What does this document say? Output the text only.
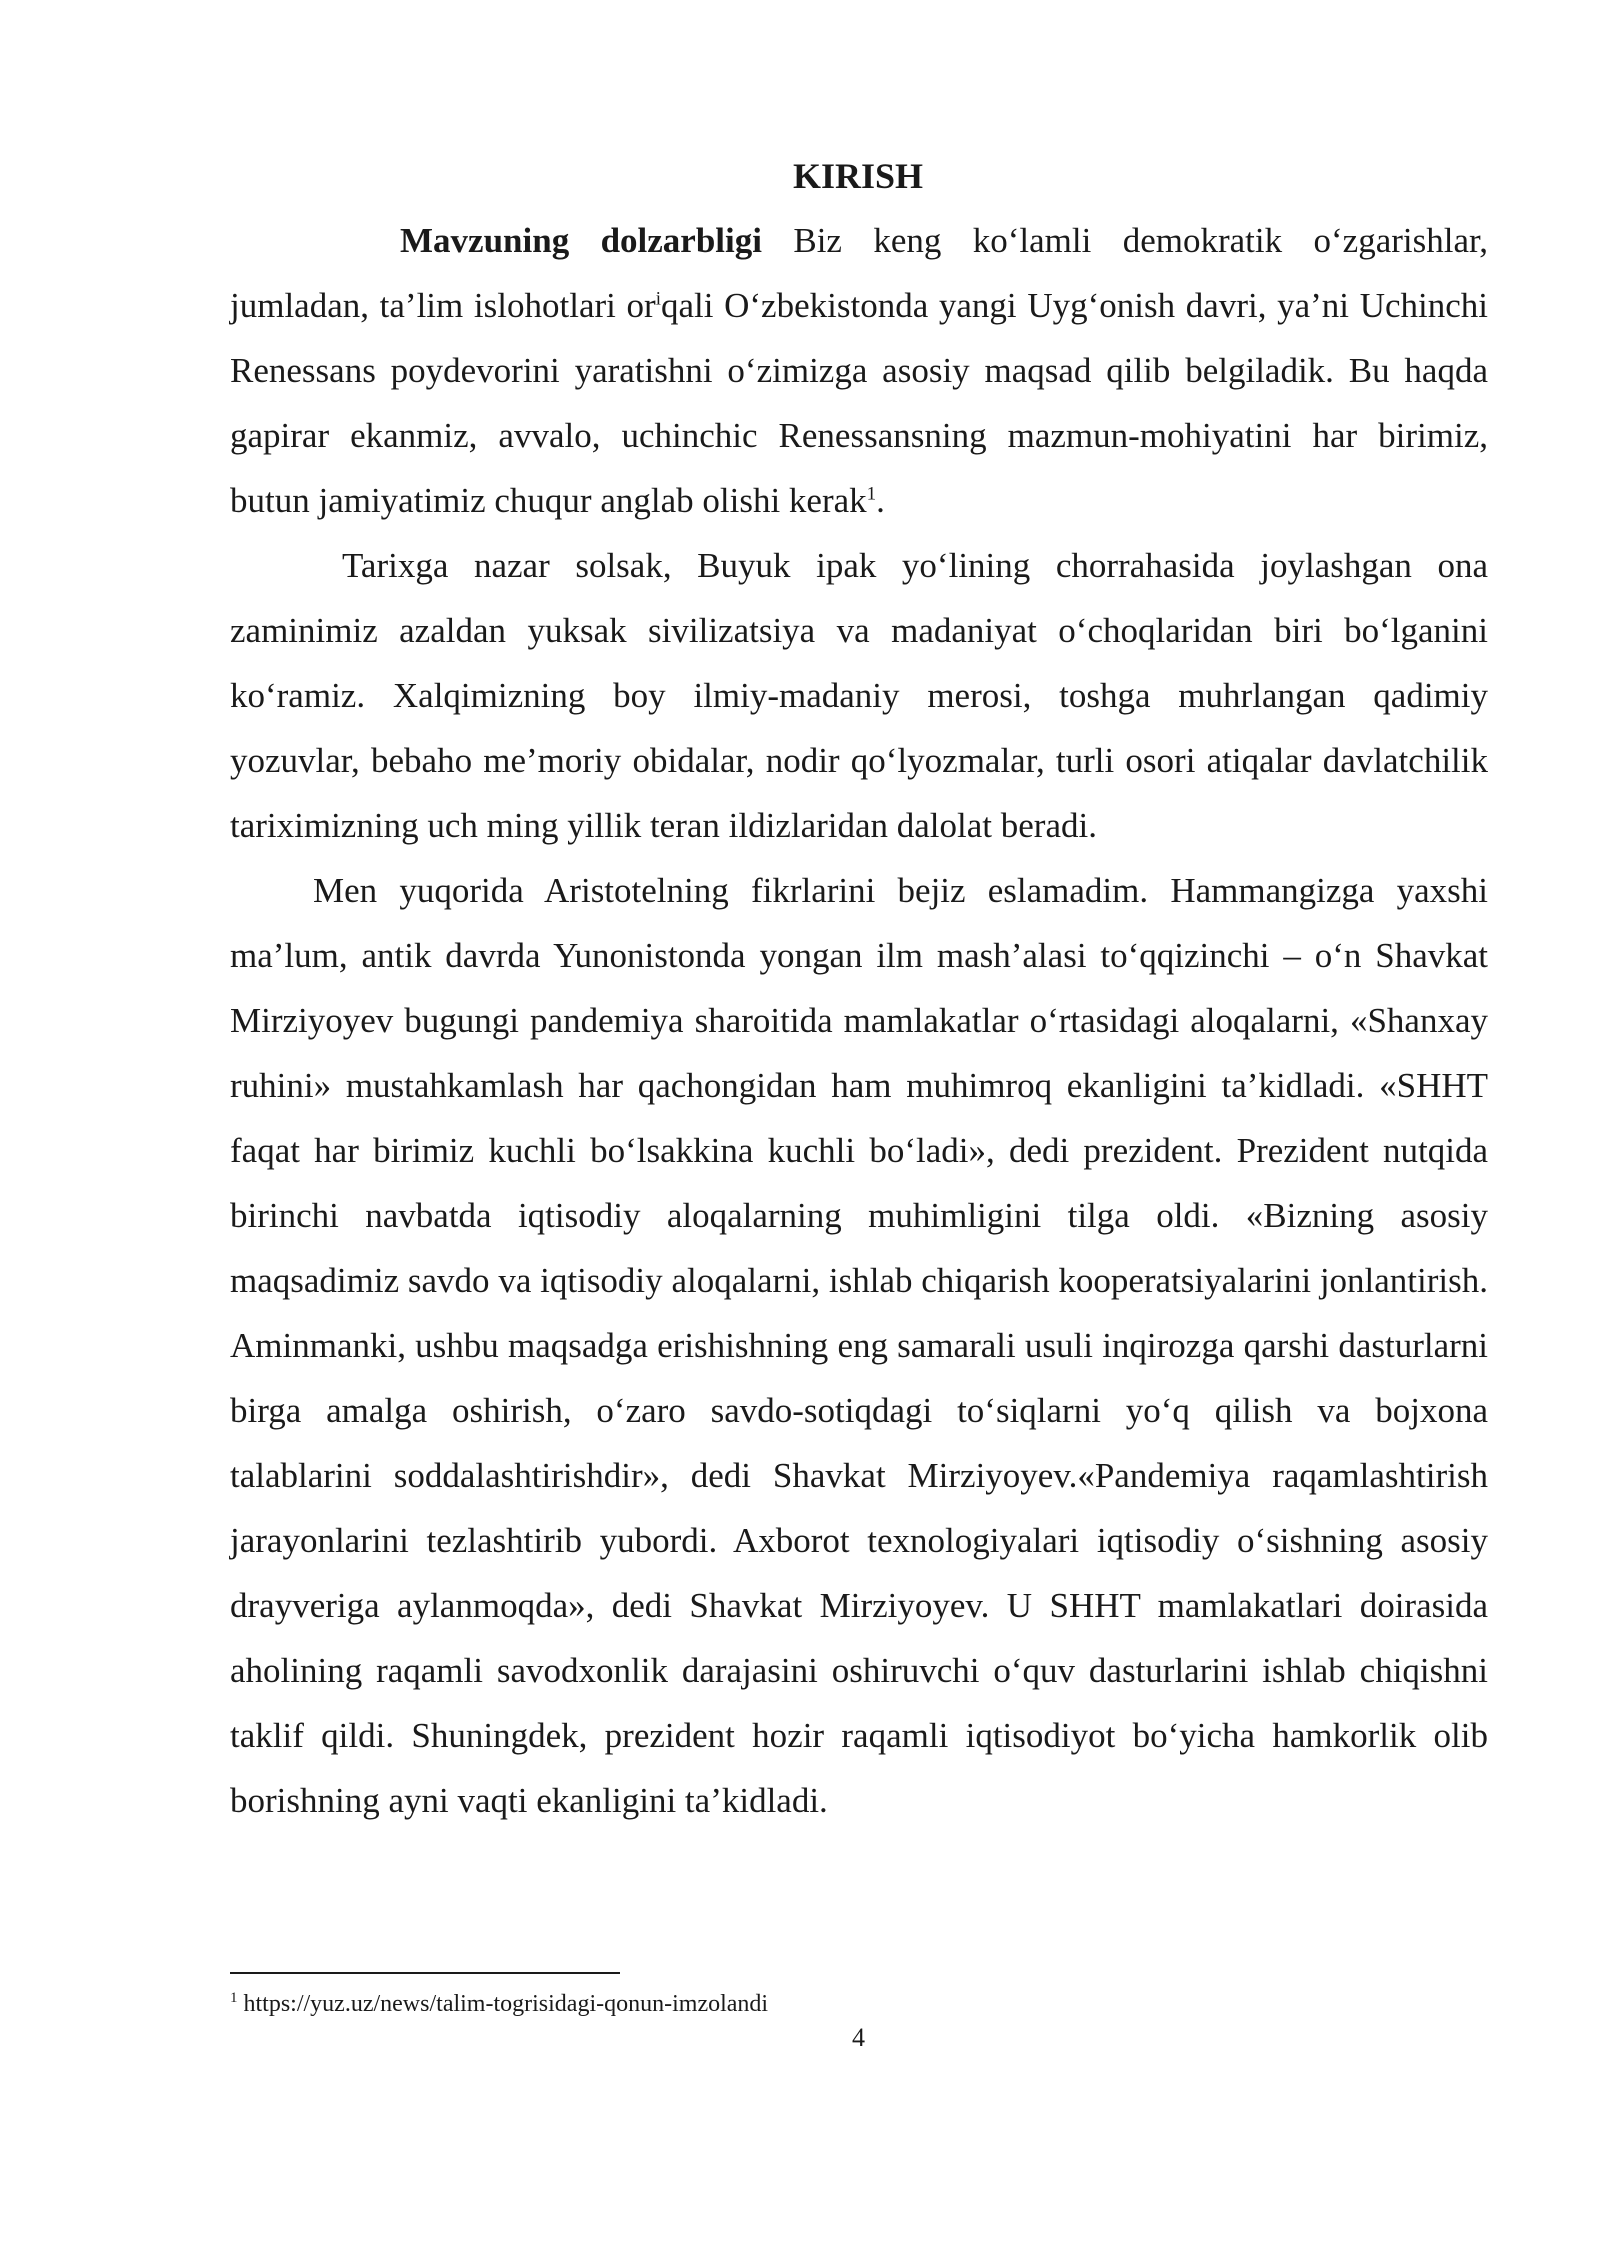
KIRISH

Mavzuning dolzarbligi Biz keng ko‘lamli demokratik o‘zgarishlar, jumladan, ta’lim islohotlari $or^iqali$ O‘zbekistonda yangi Uyg‘onish davri, ya’ni Uchinchi Renessans poydevorini yaratishni o‘zimizga asosiy maqsad qilib belgiladik. Bu haqda gapirar ekanmiz, avvalo, uchinchic Renessansning mazmun-mohiyatini har birimiz, butun jamiyatimiz chuqur anglab olishi kerak$^1$.

Tarixga nazar solsak, Buyuk ipak yo‘lining chorrahasida joylashgan ona zaminimiz azaldan yuksak sivilizatsiya va madaniyat o‘choqlaridan biri bo‘lganini ko‘ramiz. Xalqimizning boy ilmiy-madaniy merosi, toshga muhrlangan qadimiy yozuvlar, bebaho me’moriy obidalar, nodir qo‘lyozmalar, turli osori atiqalar davlatchilik tariximizning uch ming yillik teran ildizlaridan dalolat beradi.

Men yuqorida Aristotelning fikrlarini bejiz eslamadim. Hammangizga yaxshi ma’lum, antik davrda Yunonistonda yongan ilm mash’alasi to‘qqizinchi – o‘n Shavkat Mirziyoyev bugungi pandemiya sharoitida mamlakatlar o‘rtasidagi aloqalarni, «Shanxay ruhini» mustahkamlash har qachongidan ham muhimroq ekanligini ta’kidladi. «SHHT faqat har birimiz kuchli bo‘lsakkina kuchli bo‘ladi», dedi prezident. Prezident nutqida birinchi navbatda iqtisodiy aloqalarning muhimligini tilga oldi. «Bizning asosiy maqsadimiz savdo va iqtisodiy aloqalarni, ishlab chiqarish kooperatsiyalarini jonlantirish. Aminmanki, ushbu maqsadga erishishning eng samarali usuli inqirozga qarshi dasturlarni birga amalga oshirish, o‘zaro savdo-sotiqdagi to‘siqlarni yo‘q qilish va bojxona talablarini soddalashtirishdir», dedi Shavkat Mirziyoyev.«Pandemiya raqamlashtirish jarayonlarini tezlashtirib yubordi. Axborot texnologiyalari iqtisodiy o‘sishning asosiy drayveriga aylanmoqda», dedi Shavkat Mirziyoyev. U SHHT mamlakatlari doirasida aholining raqamli savodxonlik darajasini oshiruvchi o‘quv dasturlarini ishlab chiqishni taklif qildi. Shuningdek, prezident hozir raqamli iqtisodiyot bo‘yicha hamkorlik olib borishning ayni vaqti ekanligini ta’kidladi.

$^1$ https://yuz.uz/news/talim-togrisidagi-qonun-imzolandi
4
